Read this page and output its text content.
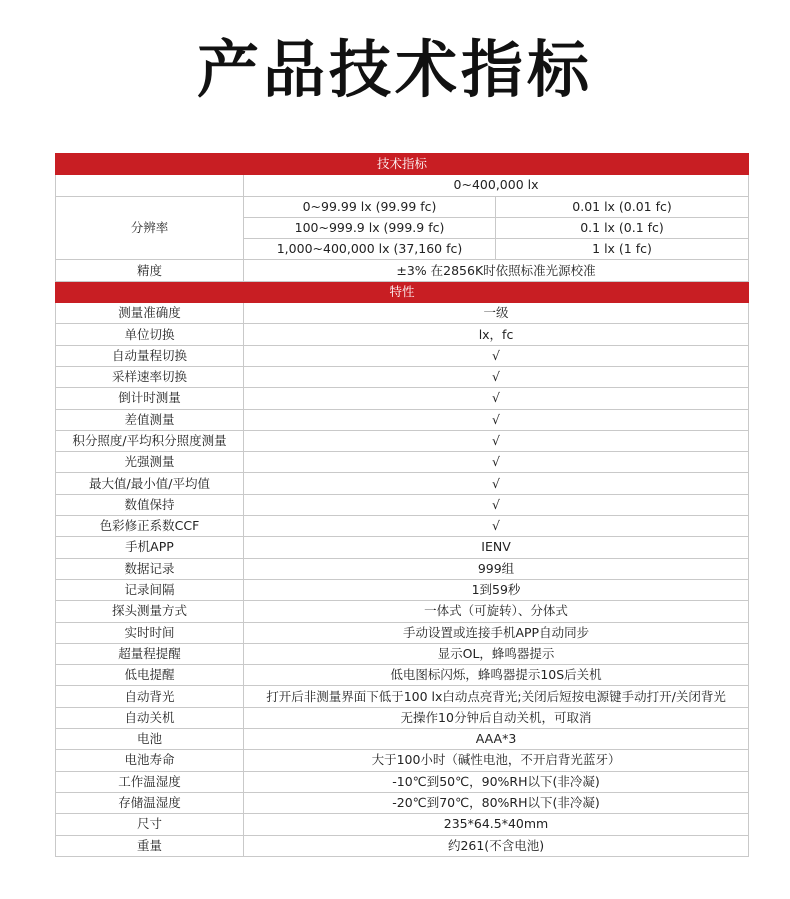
产品技术指标
技术指标		
	0~400,000 lx	
分辨率	0~99.99 lx (99.99 fc)	0.01 lx (0.01 fc)
	100~999.9 lx (999.9 fc)	0.1 lx (0.1 fc)
	1,000~400,000 lx (37,160 fc)	1 lx (1 fc)
精度	±3% 在2856K时依照标准光源校准	
特性		
测量准确度	一级	
单位切换	lx，fc	
自动量程切换	√	
采样速率切换	√	
倒计时测量	√	
差值测量	√	
积分照度/平均积分照度测量	√	
光强测量	√	
最大值/最小值/平均值	√	
数值保持	√	
色彩修正系数CCF	√	
手机APP	IENV	
数据记录	999组	
记录间隔	1到59秒	
探头测量方式	一体式（可旋转）、分体式	
实时时间	手动设置或连接手机APP自动同步	
超量程提醒	显示OL，蜂鸣器提示	
低电提醒	低电图标闪烁，蜂鸣器提示10S后关机	
自动背光	打开后非测量界面下低于100 lx白动点亮背光;关闭后短按电源键手动打开/关闭背光	
自动关机	无操作10分钟后自动关机，可取消	
电池	AAA*3	
电池寿命	大于100小时（碱性电池，不开启背光蓝牙）	
工作温湿度	-10℃到50℃，90%RH以下(非冷凝)	
存储温湿度	-20℃到70℃，80%RH以下(非冷凝)	
尺寸	235*64.5*40mm	
重量	约261(不含电池)	
